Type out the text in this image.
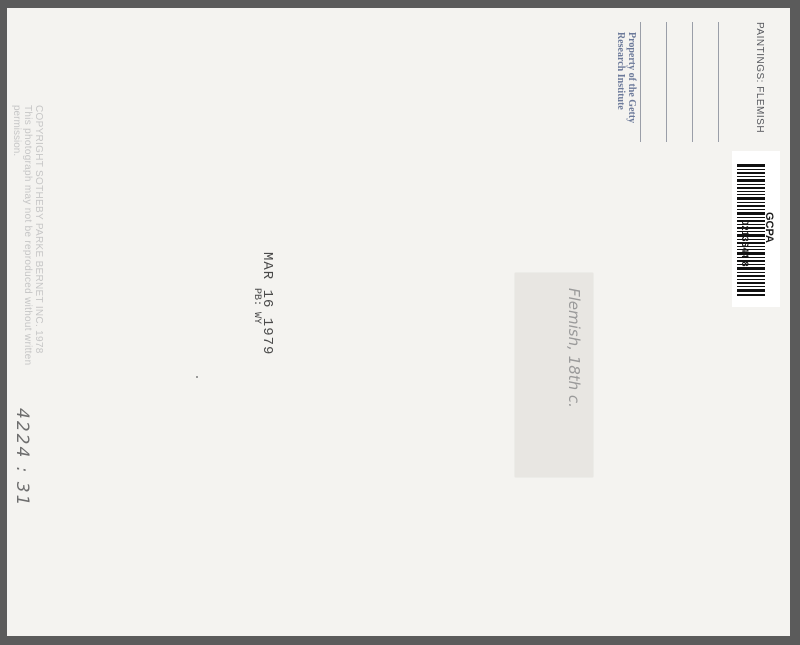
PAINTINGS: FLEMISH
Property of the Getty
Research Institute
GCPA
0213644 8
MAR 16 1979
PB: WY
COPYRIGHT SOTHEBY PARKE BERNET INC. 1978
This photograph may not be reproduced without written
permission.
Flemish, 18th c.
4224 : 31
